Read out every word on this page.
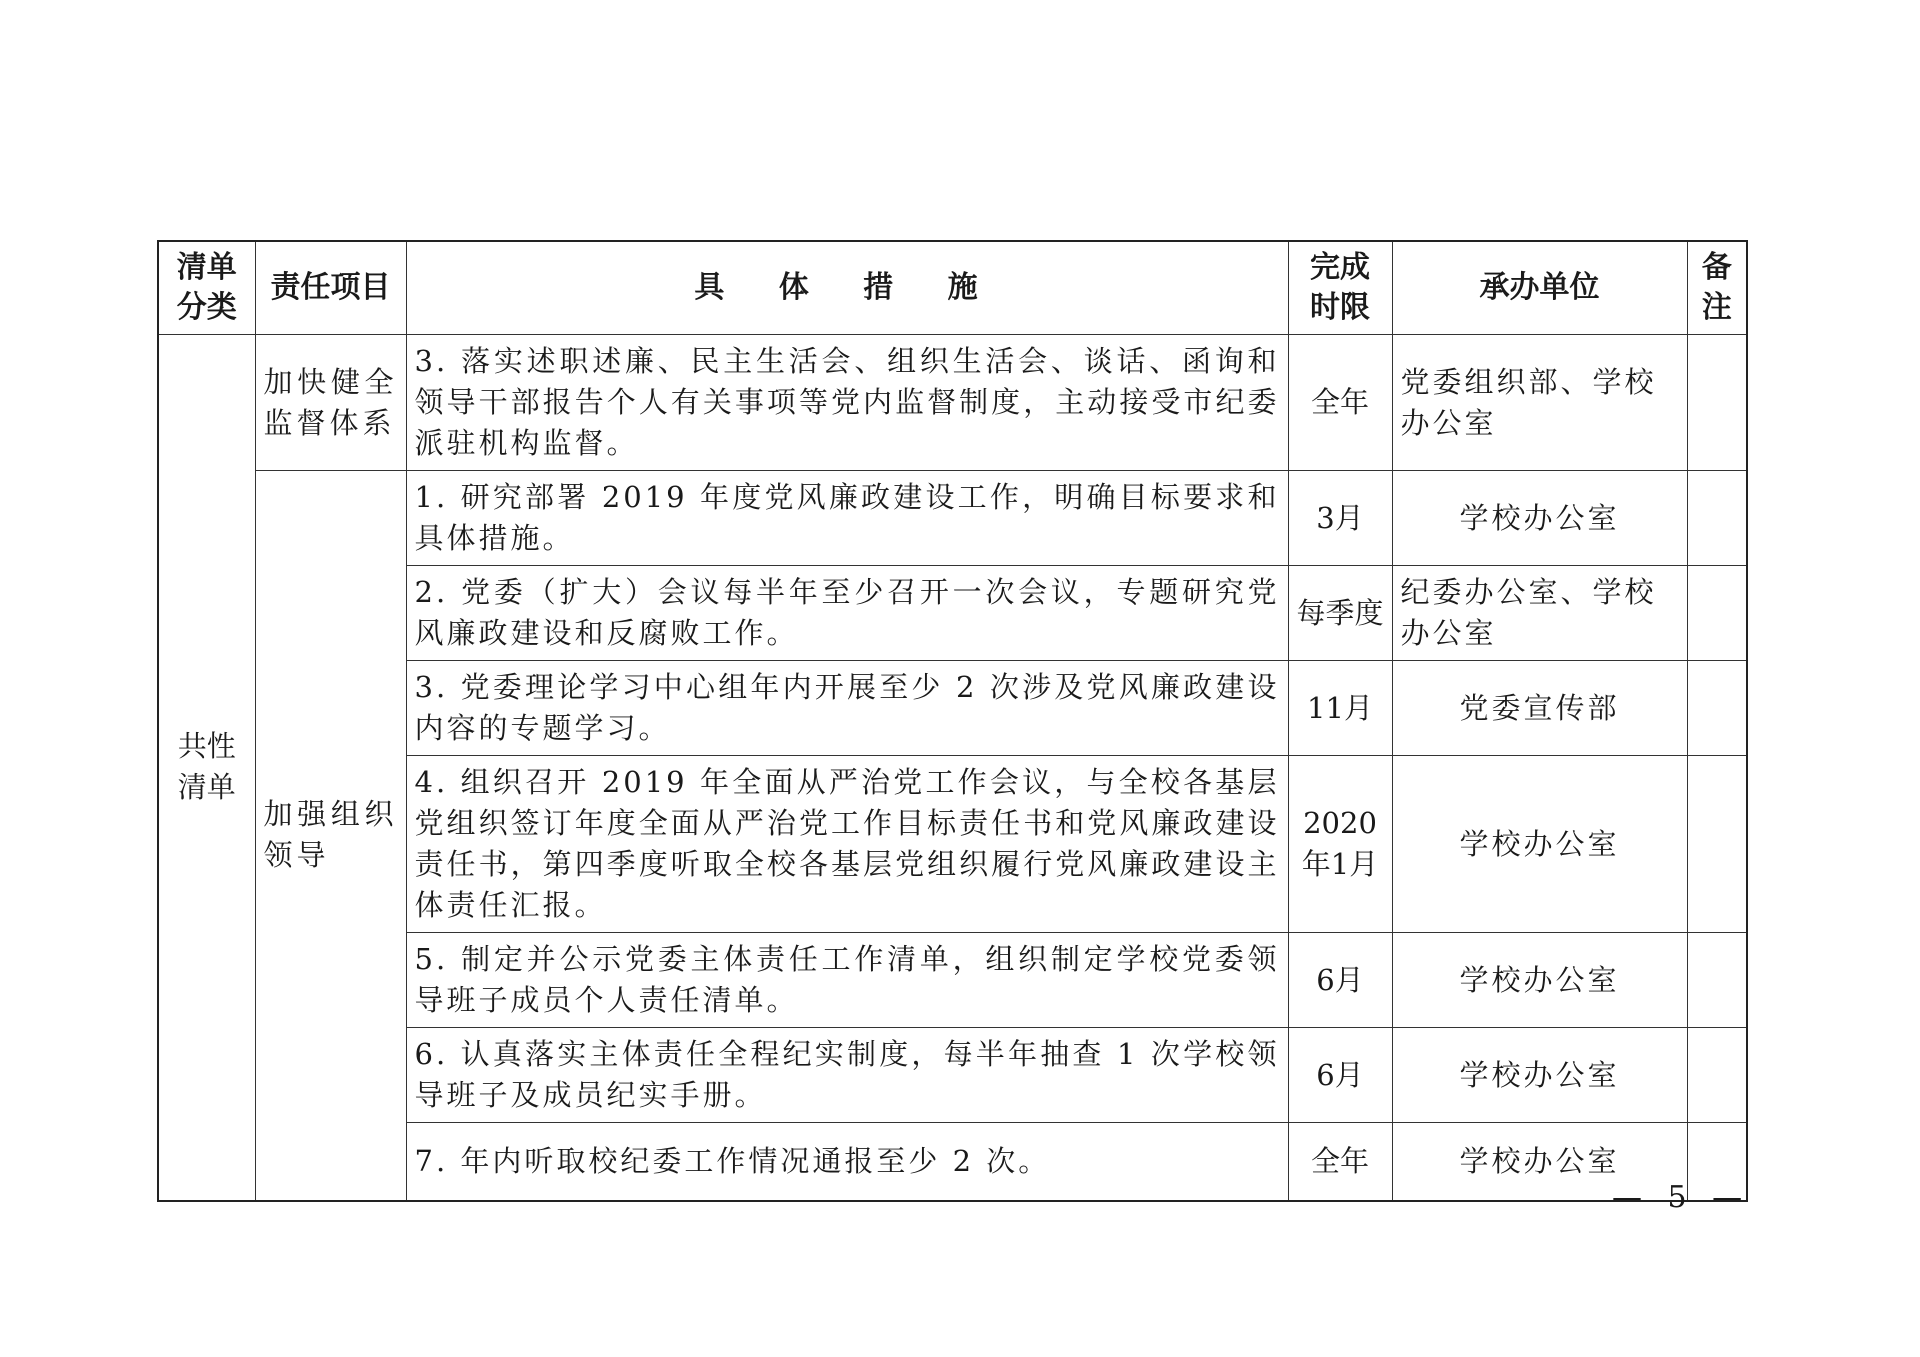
清单分类	责任项目	具 体 措 施	完成时限	承办单位	备注
共性清单	加快健全监督体系	3. 落实述职述廉、民主生活会、组织生活会、谈话、函询和领导干部报告个人有关事项等党内监督制度，主动接受市纪委派驻机构监督。	全年	党委组织部、学校办公室	
	加强组织领导	1. 研究部署 2019 年度党风廉政建设工作，明确目标要求和具体措施。	3月	学校办公室	
		2. 党委（扩大）会议每半年至少召开一次会议，专题研究党风廉政建设和反腐败工作。	每季度	纪委办公室、学校办公室	
		3. 党委理论学习中心组年内开展至少 2 次涉及党风廉政建设内容的专题学习。	11月	党委宣传部	
		4. 组织召开 2019 年全面从严治党工作会议，与全校各基层党组织签订年度全面从严治党工作目标责任书和党风廉政建设责任书，第四季度听取全校各基层党组织履行党风廉政建设主体责任汇报。	2020年1月	学校办公室	
		5. 制定并公示党委主体责任工作清单，组织制定学校党委领导班子成员个人责任清单。	6月	学校办公室	
		6. 认真落实主体责任全程纪实制度，每半年抽查 1 次学校领导班子及成员纪实手册。	6月	学校办公室	
		7. 年内听取校纪委工作情况通报至少 2 次。	全年	学校办公室	
— 5 —
